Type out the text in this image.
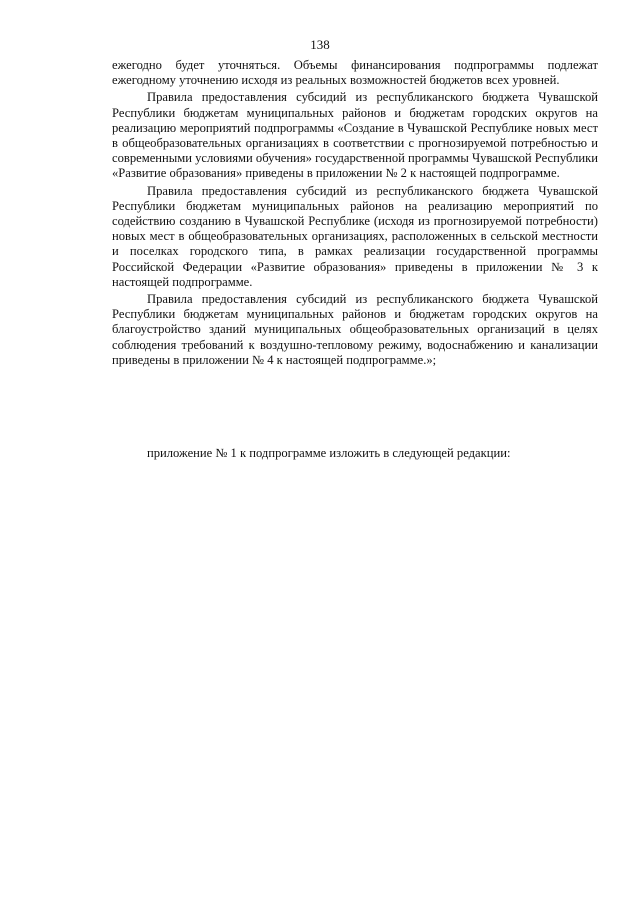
138

ежегодно будет уточняться. Объемы финансирования подпрограммы подлежат ежегодному уточнению исходя из реальных возможностей бюджетов всех уровней.

Правила предоставления субсидий из республиканского бюджета Чувашской Республики бюджетам муниципальных районов и бюджетам городских округов на реализацию мероприятий подпрограммы «Создание в Чувашской Республике новых мест в общеобразовательных организациях в соответствии с прогнозируемой потребностью и современными условиями обучения» государственной программы Чувашской Республики «Развитие образования» приведены в приложении № 2 к настоящей подпрограмме.

Правила предоставления субсидий из республиканского бюджета Чувашской Республики бюджетам муниципальных районов на реализацию мероприятий по содействию созданию в Чувашской Республике (исходя из прогнозируемой потребности) новых мест в общеобразовательных организациях, расположенных в сельской местности и поселках городского типа, в рамках реализации государственной программы Российской Федерации «Развитие образования» приведены в приложении № 3 к настоящей подпрограмме.

Правила предоставления субсидий из республиканского бюджета Чувашской Республики бюджетам муниципальных районов и бюджетам городских округов на благоустройство зданий муниципальных общеобразовательных организаций в целях соблюдения требований к воздушно-тепловому режиму, водоснабжению и канализации приведены в приложении № 4 к настоящей подпрограмме.»;

приложение № 1 к подпрограмме изложить в следующей редакции:
